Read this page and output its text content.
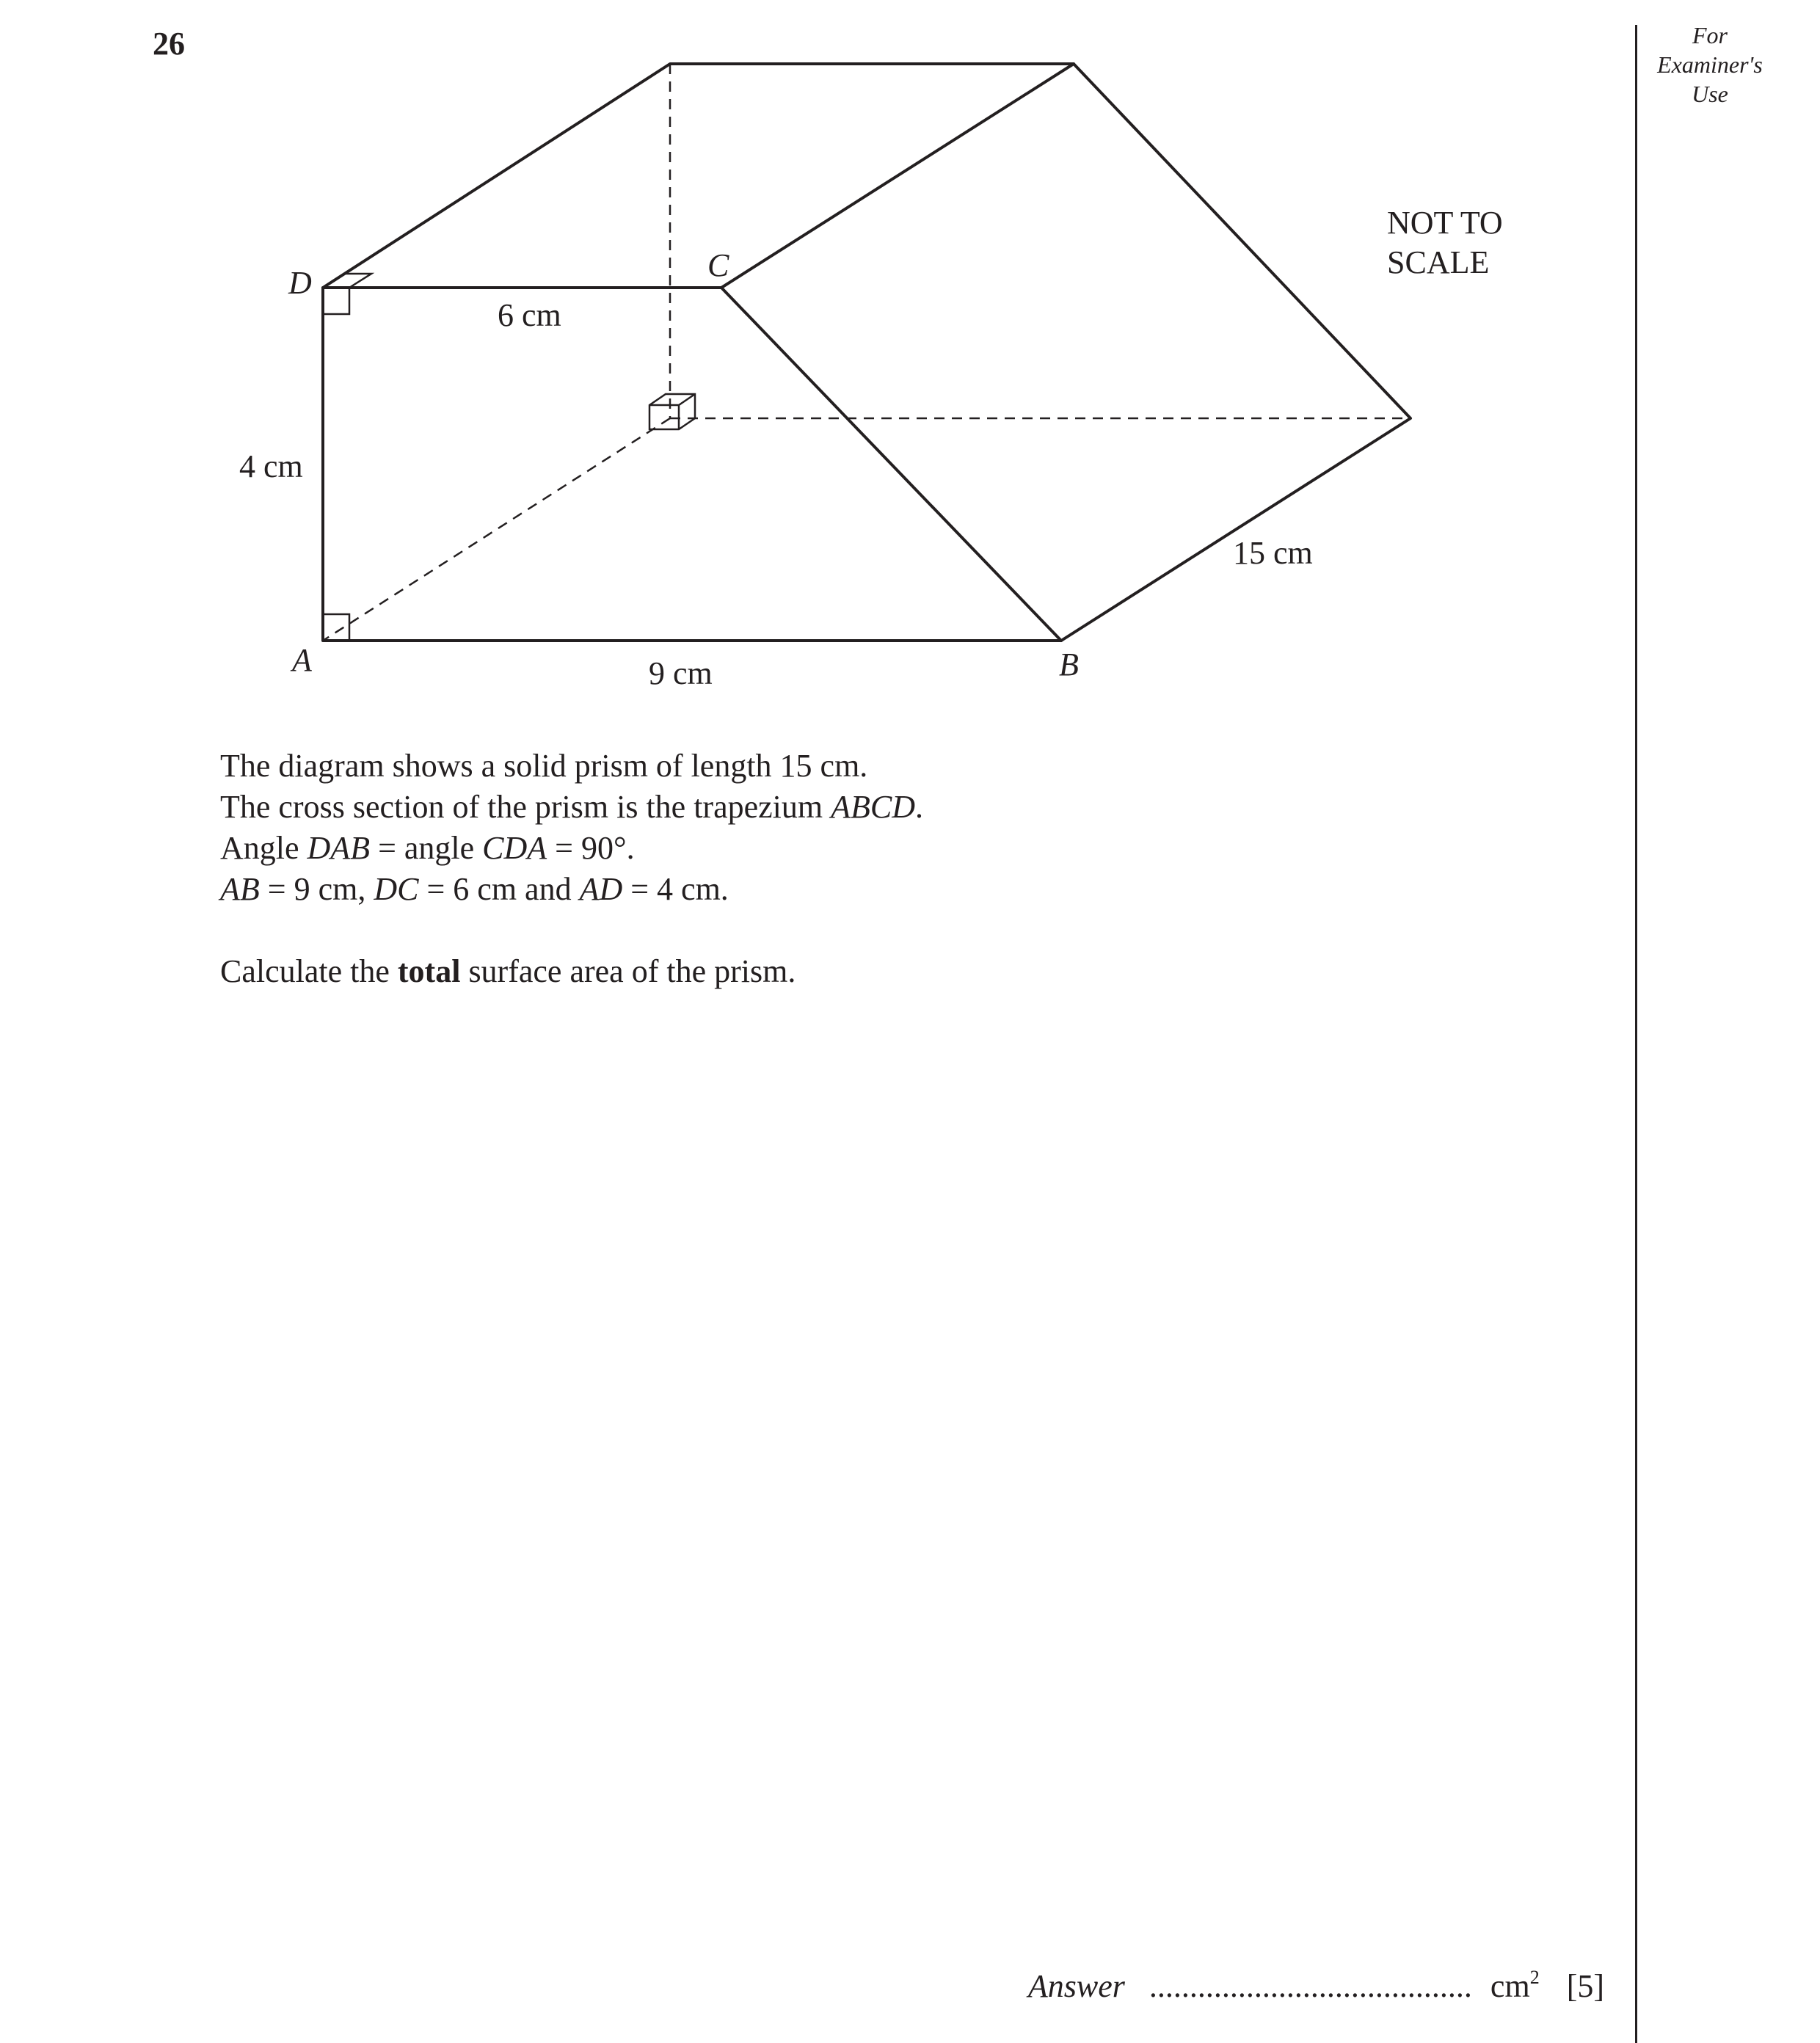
26	For
Examiner's
Use
D	C
A	B
6 cm
4 cm
9 cm
15 cm
NOT TO
SCALE

The diagram shows a solid prism of length 15 cm.

The cross section of the prism is the trapezium ABCD.

Angle DAB = angle CDA = 90°.

AB = 9 cm, DC = 6 cm and AD = 4 cm.

Calculate the total surface area of the prism.

Answer ........................................ $cm^2$ [5]
